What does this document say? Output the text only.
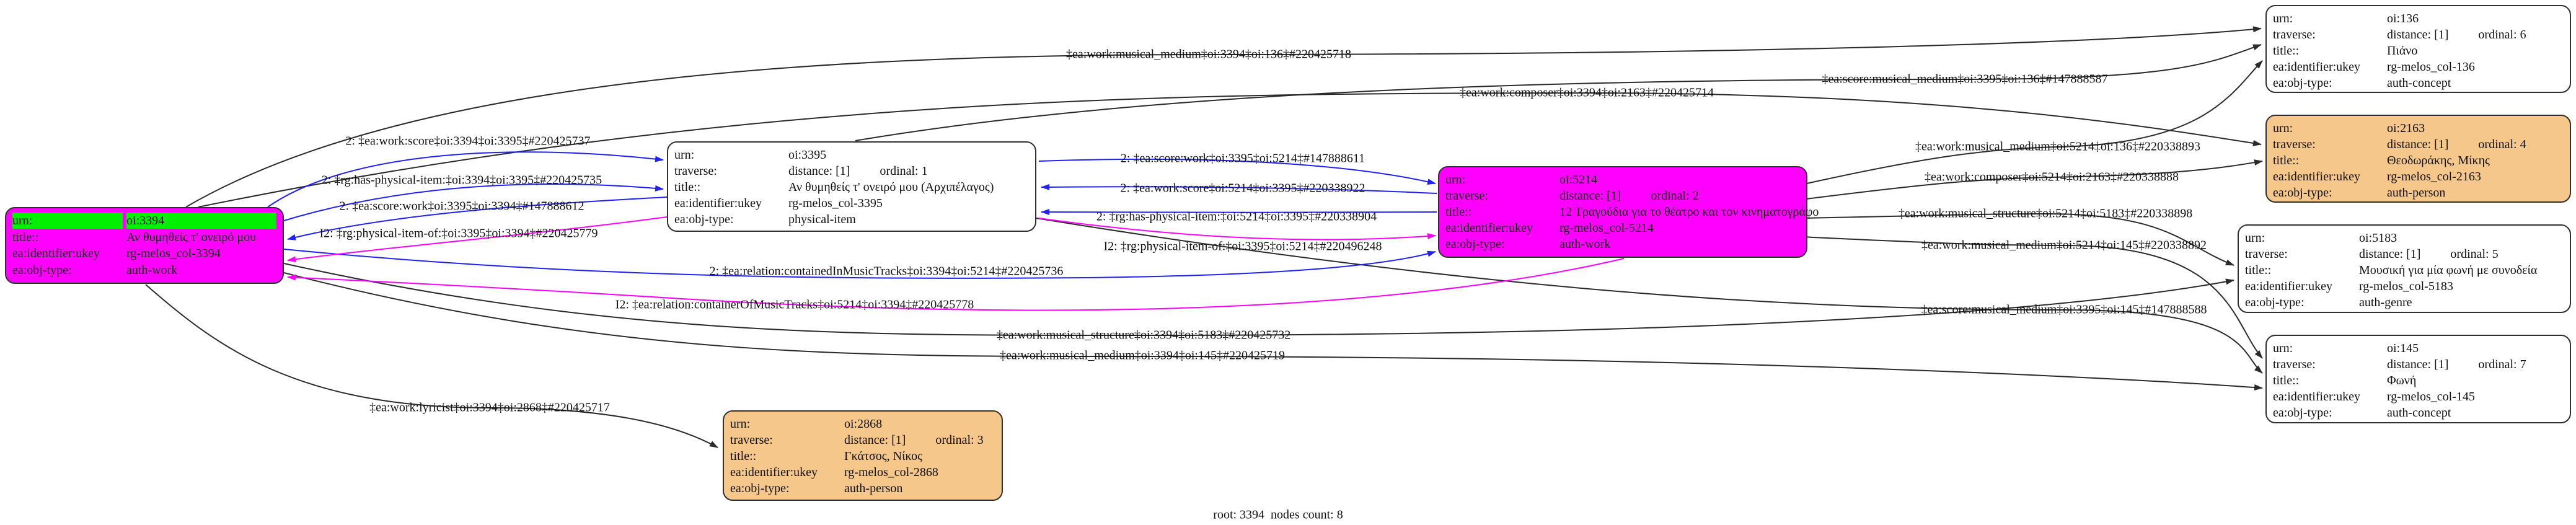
urn:	oi:3394
title::	Αν θυμηθείς τ' ονειρό μου
ea:identifier:ukey	rg-melos_col-3394
ea:obj-type:	auth-work
urn:	oi:3395
traverse:	distance: [1] ordinal: 1
title::	Αν θυμηθείς τ' ονειρό μου (Αρχιπέλαγος)
ea:identifier:ukey	rg-melos_col-3395
ea:obj-type:	physical-item
urn:	oi:5214
traverse:	distance: [1] ordinal: 2
title::	12 Τραγούδια για το θέατρο και τον κινηματογράφο
ea:identifier:ukey	rg-melos_col-5214
ea:obj-type:	auth-work
urn:	oi:2868
traverse:	distance: [1] ordinal: 3
title::	Γκάτσος, Νίκος
ea:identifier:ukey	rg-melos_col-2868
ea:obj-type:	auth-person
urn:	oi:136
traverse:	distance: [1] ordinal: 6
title::	Πιάνο
ea:identifier:ukey	rg-melos_col-136
ea:obj-type:	auth-concept
urn:	oi:2163
traverse:	distance: [1] ordinal: 4
title::	Θεοδωράκης, Μίκης
ea:identifier:ukey	rg-melos_col-2163
ea:obj-type:	auth-person
urn:	oi:5183
traverse:	distance: [1] ordinal: 5
title::	Μουσική για μία φωνή με συνοδεία
ea:identifier:ukey	rg-melos_col-5183
ea:obj-type:	auth-genre
urn:	oi:145
traverse:	distance: [1] ordinal: 7
title::	Φωνή
ea:identifier:ukey	rg-melos_col-145
ea:obj-type:	auth-concept
‡ea:work:musical_medium‡oi:3394‡oi:136‡#220425718
‡ea:score:musical_medium‡oi:3395‡oi:136‡#147888587
‡ea:work:composer‡oi:3394‡oi:2163‡#220425714
2: ‡ea:work:score‡oi:3394‡oi:3395‡#220425737
2: ‡rg:has-physical-item:‡oi:3394‡oi:3395‡#220425735
2: ‡ea:score:work‡oi:3395‡oi:3394‡#147888612
I2: ‡rg:physical-item-of:‡oi:3395‡oi:3394‡#220425779
2: ‡ea:score:work‡oi:3395‡oi:5214‡#147888611
2: ‡ea:work:score‡oi:5214‡oi:3395‡#220338922
2: ‡rg:has-physical-item:‡oi:5214‡oi:3395‡#220338904
I2: ‡rg:physical-item-of:‡oi:3395‡oi:5214‡#220496248
2: ‡ea:relation:containedInMusicTracks‡oi:3394‡oi:5214‡#220425736
I2: ‡ea:relation:containerOfMusicTracks‡oi:5214‡oi:3394‡#220425778
‡ea:work:musical_medium‡oi:5214‡oi:136‡#220338893
‡ea:work:composer‡oi:5214‡oi:2163‡#220338888
‡ea:work:musical_structure‡oi:5214‡oi:5183‡#220338898
‡ea:work:musical_medium‡oi:5214‡oi:145‡#220338892
‡ea:score:musical_medium‡oi:3395‡oi:145‡#147888588
‡ea:work:musical_structure‡oi:3394‡oi:5183‡#220425732
‡ea:work:musical_medium‡oi:3394‡oi:145‡#220425719
‡ea:work:lyricist‡oi:3394‡oi:2868‡#220425717
root: 3394  nodes count: 8
